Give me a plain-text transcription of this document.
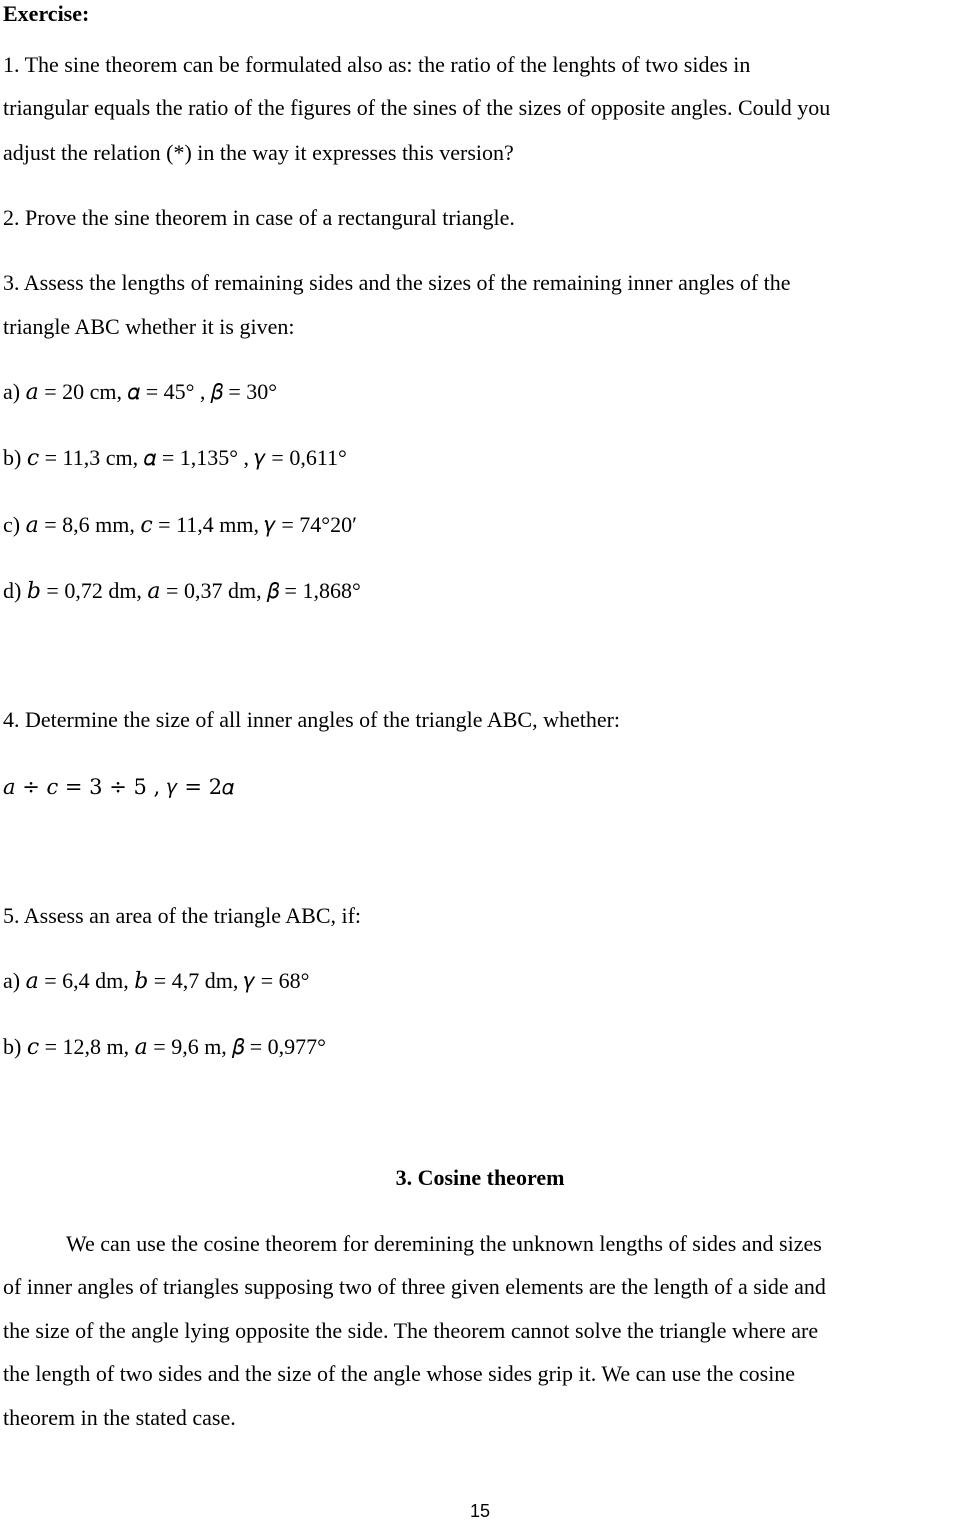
Exercise:
1. The sine theorem can be formulated also as: the ratio of the lenghts of two sides in
triangular equals the ratio of the figures of the sines of the sizes of opposite angles. Could you
adjust the relation (*) in the way it expresses this version?
2. Prove the sine theorem in case of a rectangural triangle.
3. Assess the lengths of remaining sides and the sizes of the remaining inner angles of the
triangle ABC whether it is given:
a) 𝑎 = 20 cm, 𝛼 = 45° , 𝛽 = 30°
b) 𝑐 = 11,3 cm, 𝛼 = 1,135° , 𝛾 = 0,611°
c) 𝑎 = 8,6 mm, 𝑐 = 11,4 mm, 𝛾 = 74°20′
d) 𝑏 = 0,72 dm, 𝑎 = 0,37 dm, 𝛽 = 1,868°
4. Determine the size of all inner angles of the triangle ABC, whether:
𝑎 ÷ 𝑐 = 3 ÷ 5 , 𝛾 = 2𝛼
5. Assess an area of the triangle ABC, if:
a) 𝑎 = 6,4 dm, 𝑏 = 4,7 dm, 𝛾 = 68°
b) 𝑐 = 12,8 m, 𝑎 = 9,6 m, 𝛽 = 0,977°
3. Cosine theorem
We can use the cosine theorem for deremining the unknown lengths of sides and sizes
of inner angles of triangles supposing two of three given elements are the length of a side and
the size of the angle lying opposite the side. The theorem cannot solve the triangle where are
the length of two sides and the size of the angle whose sides grip it. We can use the cosine
theorem in the stated case.
15
